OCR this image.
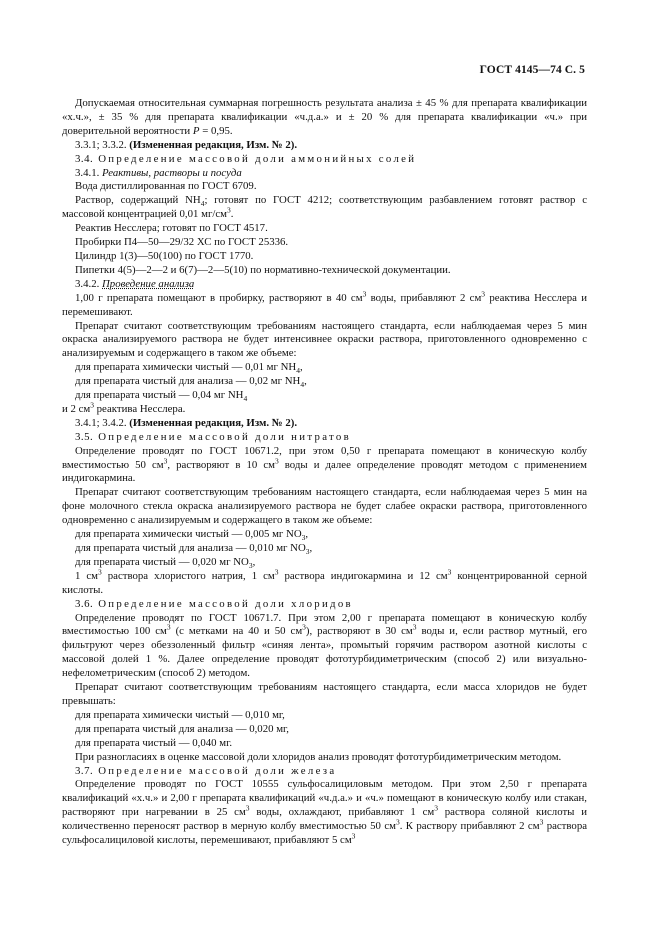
ГОСТ 4145—74 С. 5

Допускаемая относительная суммарная погрешность результата анализа ± 45 % для препарата квалификации «х.ч.», ± 35 % для препарата квалификации «ч.д.а.» и ± 20 % для препарата квалификации «ч.» при доверительной вероятности P = 0,95.

3.3.1; 3.3.2. (Измененная редакция, Изм. № 2).

3.4. Определение массовой доли аммонийных солей

3.4.1. Реактивы, растворы и посуда

Вода дистиллированная по ГОСТ 6709.

Раствор, содержащий $NH_4$; готовят по ГОСТ 4212; соответствующим разбавлением готовят раствор с массовой концентрацией 0,01 $мг/см^3$.

Реактив Несслера; готовят по ГОСТ 4517.

Пробирки П4—50—29/32 ХС по ГОСТ 25336.

Цилиндр 1(3)—50(100) по ГОСТ 1770.

Пипетки 4(5)—2—2 и 6(7)—2—5(10) по нормативно-технической документации.

3.4.2. Проведение анализа

1,00 г препарата помещают в пробирку, растворяют в 40 $см^3$ воды, прибавляют 2 $см^3$ реактива Несслера и перемешивают.

Препарат считают соответствующим требованиям настоящего стандарта, если наблюдаемая через 5 мин окраска анализируемого раствора не будет интенсивнее окраски раствора, приготовленного одновременно с анализируемым и содержащего в таком же объеме:

для препарата химически чистый — 0,01 мг $NH_4$,

для препарата чистый для анализа — 0,02 мг $NH_4$,

для препарата чистый — 0,04 мг $NH_4$

и 2 $см^3$ реактива Несслера.

3.4.1; 3.4.2. (Измененная редакция, Изм. № 2).

3.5. Определение массовой доли нитратов

Определение проводят по ГОСТ 10671.2, при этом 0,50 г препарата помещают в коническую колбу вместимостью 50 $см^3$, растворяют в 10 $см^3$ воды и далее определение проводят методом с применением индигокармина.

Препарат считают соответствующим требованиям настоящего стандарта, если наблюдаемая через 5 мин на фоне молочного стекла окраска анализируемого раствора не будет слабее окраски раствора, приготовленного одновременно с анализируемым и содержащего в таком же объеме:

для препарата химически чистый — 0,005 мг $NO_3$,

для препарата чистый для анализа — 0,010 мг $NO_3$,

для препарата чистый — 0,020 мг $NO_3$,

1 $см^3$ раствора хлористого натрия, 1 $см^3$ раствора индигокармина и 12 $см^3$ концентрированной серной кислоты.

3.6. Определение массовой доли хлоридов

Определение проводят по ГОСТ 10671.7. При этом 2,00 г препарата помещают в коническую колбу вместимостью 100 $см^3$ (с метками на 40 и 50 $см^3$), растворяют в 30 $см^3$ воды и, если раствор мутный, его фильтруют через обеззоленный фильтр «синяя лента», промытый горячим раствором азотной кислоты с массовой долей 1 %. Далее определение проводят фототурбидиметрическим (способ 2) или визуально-нефелометрическим (способ 2) методом.

Препарат считают соответствующим требованиям настоящего стандарта, если масса хлоридов не будет превышать:

для препарата химически чистый — 0,010 мг,

для препарата чистый для анализа — 0,020 мг,

для препарата чистый — 0,040 мг.

При разногласиях в оценке массовой доли хлоридов анализ проводят фототурбидиметрическим методом.

3.7. Определение массовой доли железа

Определение проводят по ГОСТ 10555 сульфосалициловым методом. При этом 2,50 г препарата квалификаций «х.ч.» и 2,00 г препарата квалификаций «ч.д.а.» и «ч.» помещают в коническую колбу или стакан, растворяют при нагревании в 25 $см^3$ воды, охлаждают, прибавляют 1 $см^3$ раствора соляной кислоты и количественно переносят раствор в мерную колбу вместимостью 50 $см^3$. К раствору прибавляют 2 $см^3$ раствора сульфосалициловой кислоты, перемешивают, прибавляют 5 $см^3$
